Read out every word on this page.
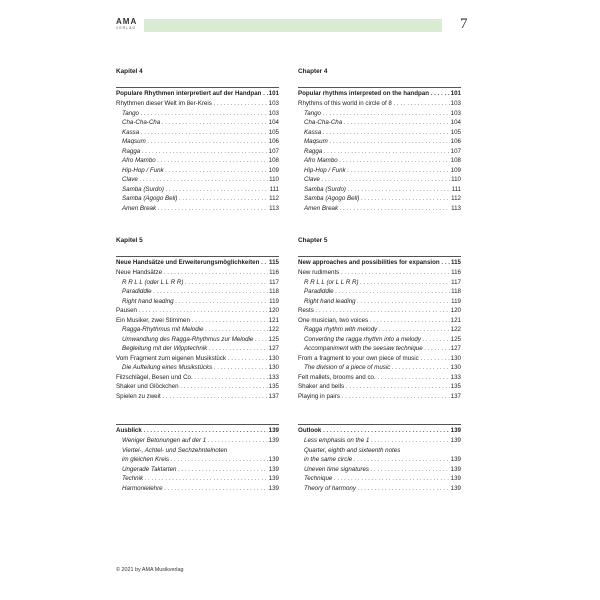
AMA
VERLAG	7
Kapitel 4
Populare Rhythmen interpretiert auf der Handpan . . .	101
Rhythmen dieser Welt im 8er-Kreis . . .	103
Tango . . .	103
Cha-Cha-Cha . . .	104
Kassa . . .	105
Maqsum . . .	106
Ragga . . .	107
Afro Mambo . . .	108
Hip-Hop / Funk . . .	109
Clave . . .	110
Samba (Surdo) . . .	111
Samba (Agogo Bell) . . .	112
Amen Break . . .	113
Chapter 4
Popular rhythms interpreted on the handpan . . .	101
Rhythms of this world in circle of 8 . . .	103
Tango . . .	103
Cha-Cha-Cha . . .	104
Kassa . . .	105
Maqsum . . .	106
Ragga . . .	107
Afro Mambo . . .	108
Hip-Hop / Funk . . .	109
Clave . . .	110
Samba (Surdo) . . .	111
Samba (Agogo Bell) . . .	112
Amen Break . . .	113
Kapitel 5
Neue Handsätze und Erweiterungsmöglichkeiten . . .	115
Neue Handsätze . . .	116
R R L L (oder L L R R) . . .	117
Paradiddle . . .	118
Right hand leading . . .	119
Pausen . . .	120
Ein Musiker, zwei Stimmen . . .	121
Ragga-Rhythmus mit Melodie . . .	122
Umwandlung des Ragga-Rhythmus zur Melodie . . .	125
Begleitung mit der Wipptechnik . . .	127
Vom Fragment zum eigenen Musikstück . . .	130
Die Aufteilung eines Musikstücks . . .	130
Filzschlägel, Besen und Co. . . .	133
Shaker und Glöckchen . . .	135
Spielen zu zweit . . .	137
Chapter 5
New approaches and possibilities for expansion . . .	115
New rudiments . . .	116
R R L L (or L L R R) . . .	117
Paradiddle . . .	118
Right hand leading . . .	119
Rests . . .	120
One musician, two voices . . .	121
Ragga rhythm with melody . . .	122
Converting the ragga rhythm into a melody . . .	125
Accompaniment with the seesaw technique . . .	127
From a fragment to your own piece of music . . .	130
The division of a piece of music . . .	130
Felt mallets, brooms and co. . . .	133
Shaker and bells . . .	135
Playing in pairs . . .	137
Ausblick . . .	139
Weniger Betonungen auf der 1 . . .	139
Viertel-, Achtel- und Sechzehntelnoten
im gleichen Kreis . . .	139
Ungerade Taktarten . . .	139
Technik . . .	139
Harmonielehre . . .	139
Outlook . . .	139
Less emphasis on the 1 . . .	139
Quarter, eighth and sixteenth notes
in the same circle . . .	139
Uneven time signatures . . .	139
Technique . . .	139
Theory of harmony . . .	139
© 2021 by AMA Musikverlag
